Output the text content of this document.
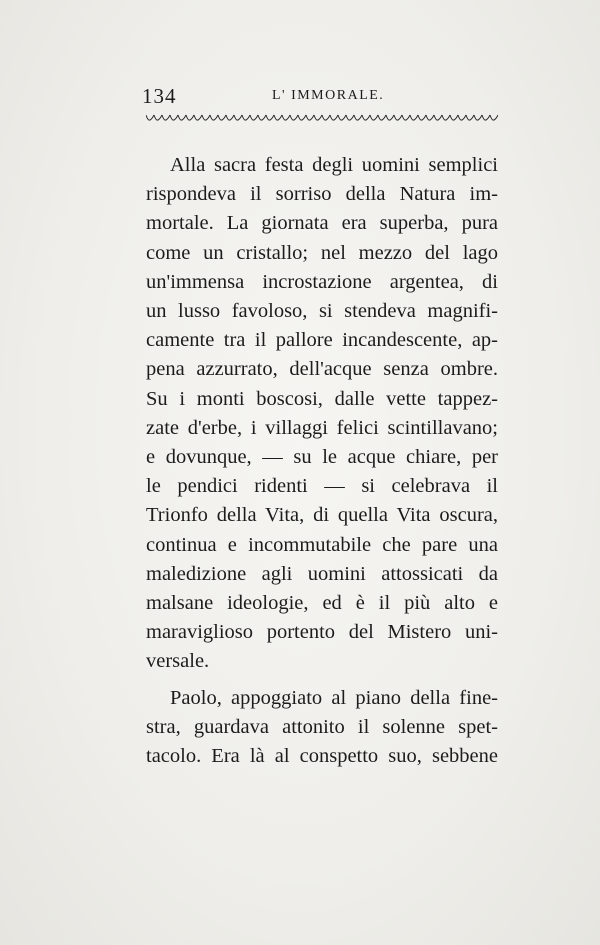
134	L' IMMORALE.

Alla sacra festa degli uomini semplici
rispondeva il sorriso della Natura im-
mortale. La giornata era superba, pura
come un cristallo; nel mezzo del lago
un'immensa incrostazione argentea, di
un lusso favoloso, si stendeva magnifi-
camente tra il pallore incandescente, ap-
pena azzurrato, dell'acque senza ombre.
Su i monti boscosi, dalle vette tappez-
zate d'erbe, i villaggi felici scintillavano;
e dovunque, — su le acque chiare, per
le pendici ridenti — si celebrava il
Trionfo della Vita, di quella Vita oscura,
continua e incommutabile che pare una
maledizione agli uomini attossicati da
malsane ideologie, ed è il più alto e
maraviglioso portento del Mistero uni-
versale.

Paolo, appoggiato al piano della fine-
stra, guardava attonito il solenne spet-
tacolo. Era là al conspetto suo, sebbene
